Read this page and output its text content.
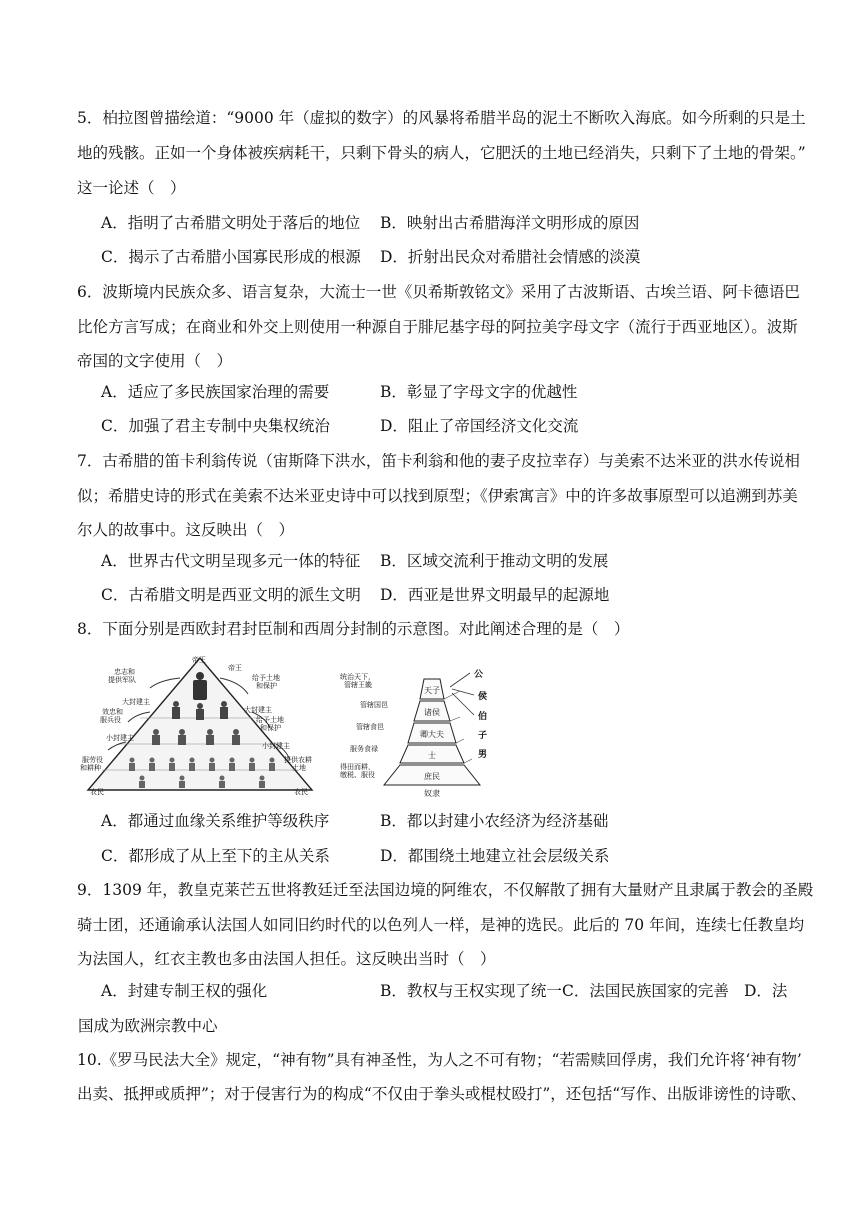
5．柏拉图曾描绘道：“9000 年（虚拟的数字）的风暴将希腊半岛的泥土不断吹入海底。如今所剩的只是土
地的残骸。正如一个身体被疾病耗干，只剩下骨头的病人，它肥沃的土地已经消失，只剩下了土地的骨架。”
这一论述（　）
A．指明了古希腊文明处于落后的地位 B．映射出古希腊海洋文明形成的原因
C．揭示了古希腊小国寡民形成的根源 D．折射出民众对希腊社会情感的淡漠
6．波斯境内民族众多、语言复杂，大流士一世《贝希斯敦铭文》采用了古波斯语、古埃兰语、阿卡德语巴
比伦方言写成；在商业和外交上则使用一种源自于腓尼基字母的阿拉美字母文字（流行于西亚地区）。波斯
帝国的文字使用（　）
A．适应了多民族国家治理的需要	B．彰显了字母文字的优越性
C．加强了君主专制中央集权统治	D．阻止了帝国经济文化交流
7．古希腊的笛卡利翁传说（宙斯降下洪水，笛卡利翁和他的妻子皮拉幸存）与美索不达米亚的洪水传说相
似；希腊史诗的形式在美索不达米亚史诗中可以找到原型；《伊索寓言》中的许多故事原型可以追溯到苏美
尔人的故事中。这反映出（　）
A．世界古代文明呈现多元一体的特征 B．区域交流利于推动文明的发展
C．古希腊文明是西亚文明的派生文明 D．西亚是世界文明最早的起源地
8．下面分别是西欧封君封臣制和西周分封制的示意图。对此阐述合理的是（　）
帝王
帝王
忠志和提供军队	给予土地和保护
大封建主
效忠和服兵役
大封建主
给予土地和保护
小封建主
小封建主
服劳役和耕种
提供农耕土地
农民	农民
天子
诸侯
卿大夫
士
庶民
奴隶
统治天下，管辖王畿
管辖国邑
管辖食邑
服务食禄
得田而耕，缴税、服役
公
侯
伯
子
男
A．都通过血缘关系维护等级秩序	B．都以封建小农经济为经济基础
C．都形成了从上至下的主从关系	D．都围绕土地建立社会层级关系
9．1309 年，教皇克莱芒五世将教廷迁至法国边境的阿维农，不仅解散了拥有大量财产且隶属于教会的圣殿
骑士团，还通谕承认法国人如同旧约时代的以色列人一样，是神的选民。此后的 70 年间，连续七任教皇均
为法国人，红衣主教也多由法国人担任。这反映出当时（　）
A．封建专制王权的强化	B．教权与王权实现了统一 C．法国民族国家的完善 D．法
国成为欧洲宗教中心
10.《罗马民法大全》规定，“神有物”具有神圣性，为人之不可有物；“若需赎回俘虏，我们允许将‘神有物’
出卖、抵押或质押”；对于侵害行为的构成“不仅由于拳头或棍杖殴打”，还包括“写作、出版诽谤性的诗歌、
